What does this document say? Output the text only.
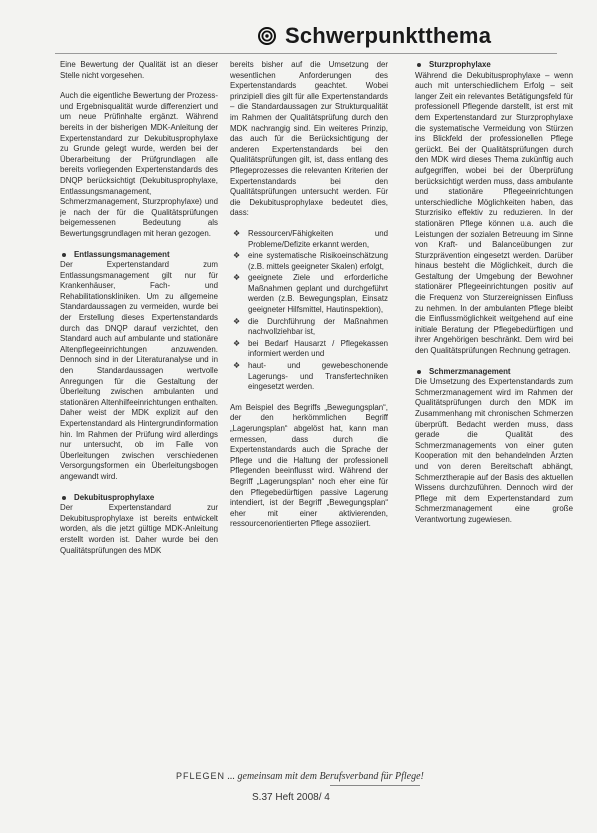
Schwerpunktthema

Eine Bewertung der Qualität ist an dieser Stelle nicht vorgesehen.

Auch die eigentliche Bewertung der Prozess- und Ergebnisqualität wurde differenziert und um neue Prüfinhalte ergänzt. Während bereits in der bisherigen MDK-Anleitung der Expertenstandard zur Dekubitusprophylaxe zu Grunde gelegt wurde, werden bei der Überarbeitung der Prüfgrundlagen alle bereits vorliegenden Expertenstandards des DNQP berücksichtigt (Dekubitusprophylaxe, Entlassungsmanagement, Schmerzmanagement, Sturzprophylaxe) und je nach der für die Qualitätsprüfungen beigemessenen Bedeutung als Bewertungsgrundlagen mit heran gezogen.

Entlassungsmanagement

Der Expertenstandard zum Entlassungsmanagement gilt nur für Krankenhäuser, Fach- und Rehabilitationskliniken. Um zu allgemeine Standardaussagen zu vermeiden, wurde bei der Erstellung dieses Expertenstandards durch das DNQP darauf verzichtet, den Standard auch auf ambulante und stationäre Altenpflegeeinrichtungen anzuwenden. Dennoch sind in der Literaturanalyse und in den Standardaussagen wertvolle Anregungen für die Gestaltung der Überleitung zwischen ambulanten und stationären Altenhilfeeinrichtungen enthalten. Daher weist der MDK explizit auf den Expertenstandard als Hintergrundinformation hin. Im Rahmen der Prüfung wird allerdings nur untersucht, ob im Falle von Überleitungen zwischen verschiedenen Versorgungsformen ein Überleitungsbogen angewandt wird.

Dekubitusprophylaxe

Der Expertenstandard zur Dekubitusprophylaxe ist bereits entwickelt worden, als die jetzt gültige MDK-Anleitung erstellt worden ist. Daher wurde bei den Qualitätsprüfungen des MDK

bereits bisher auf die Umsetzung der wesentlichen Anforderungen des Expertenstandards geachtet. Wobei prinzipiell dies gilt für alle Expertenstandards – die Standardaussagen zur Strukturqualität im Rahmen der Qualitätsprüfung durch den MDK nachrangig sind. Ein weiteres Prinzip, das auch für die Berücksichtigung der anderen Expertenstandards bei den Qualitätsprüfungen gilt, ist, dass entlang des Pflegeprozesses die relevanten Kriterien der Expertenstandards bei den Qualitätsprüfungen untersucht werden. Für die Dekubitusprophylaxe bedeutet dies, dass:

❖ Ressourcen/Fähigkeiten und Probleme/Defizite erkannt werden,
❖ eine systematische Risikoeinschätzung (z.B. mittels geeigneter Skalen) erfolgt,
❖ geeignete Ziele und erforderliche Maßnahmen geplant und durchgeführt werden (z.B. Bewegungsplan, Einsatz geeigneter Hilfsmittel, Hautinspektion),
❖ die Durchführung der Maßnahmen nachvollziehbar ist,
❖ bei Bedarf Hausarzt / Pflegekassen informiert werden und
❖ haut- und gewebeschonende Lagerungs- und Transfertechniken eingesetzt werden.

Am Beispiel des Begriffs „Bewegungsplan“, der den herkömmlichen Begriff „Lagerungsplan“ abgelöst hat, kann man ermessen, dass durch die Expertenstandards auch die Sprache der Pflege und die Haltung der professionell Pflegenden beeinflusst wird. Während der Begriff „Lagerungsplan“ noch eher eine für den Pflegebedürftigen passive Lagerung intendiert, ist der Begriff „Bewegungsplan“ eher mit einer aktivierenden, ressourcenorientierten Pflege assoziiert.

Sturzprophylaxe

Während die Dekubitusprophylaxe – wenn auch mit unterschiedlichem Erfolg – seit langer Zeit ein relevantes Betätigungsfeld für professionell Pflegende darstellt, ist erst mit dem Expertenstandard zur Sturzprophylaxe die systematische Vermeidung von Stürzen ins Blickfeld der professionellen Pflege gerückt. Bei der Qualitätsprüfungen durch den MDK wird dieses Thema zukünftig auch aufgegriffen, wobei bei der Überprüfung berücksichtigt werden muss, dass ambulante und stationäre Pflegeeinrichtungen unterschiedliche Möglichkeiten haben, das Sturzrisiko effektiv zu reduzieren. In der stationären Pflege können u.a. auch die Leistungen der sozialen Betreuung im Sinne von Kraft- und Balanceübungen zur Sturzprävention eingesetzt werden. Darüber hinaus besteht die Möglichkeit, durch die Gestaltung der Umgebung der Bewohner stationärer Pflegeeinrichtungen positiv auf die Frequenz von Sturzereignissen Einfluss zu nehmen. In der ambulanten Pflege bleibt die Einflussmöglichkeit weitgehend auf eine initiale Beratung der Pflegebedürftigen und ihrer Angehörigen beschränkt. Dem wird bei den Qualitätsprüfungen Rechnung getragen.

Schmerzmanagement

Die Umsetzung des Expertenstandards zum Schmerzmanagement wird im Rahmen der Qualitätsprüfungen durch den MDK im Zusammenhang mit chronischen Schmerzen überprüft. Bedacht werden muss, dass gerade die Qualität des Schmerzmanagements von einer guten Kooperation mit den behandelnden Ärzten und von deren Bereitschaft abhängt, Schmerztherapie auf der Basis des aktuellen Wissens durchzuführen. Dennoch wird der Pflege mit dem Expertenstandard zum Schmerzmanagement eine große Verantwortung zugewiesen.

PFLEGEN ... gemeinsam mit dem Berufsverband für Pflege!
S.37 Heft 2008/ 4
